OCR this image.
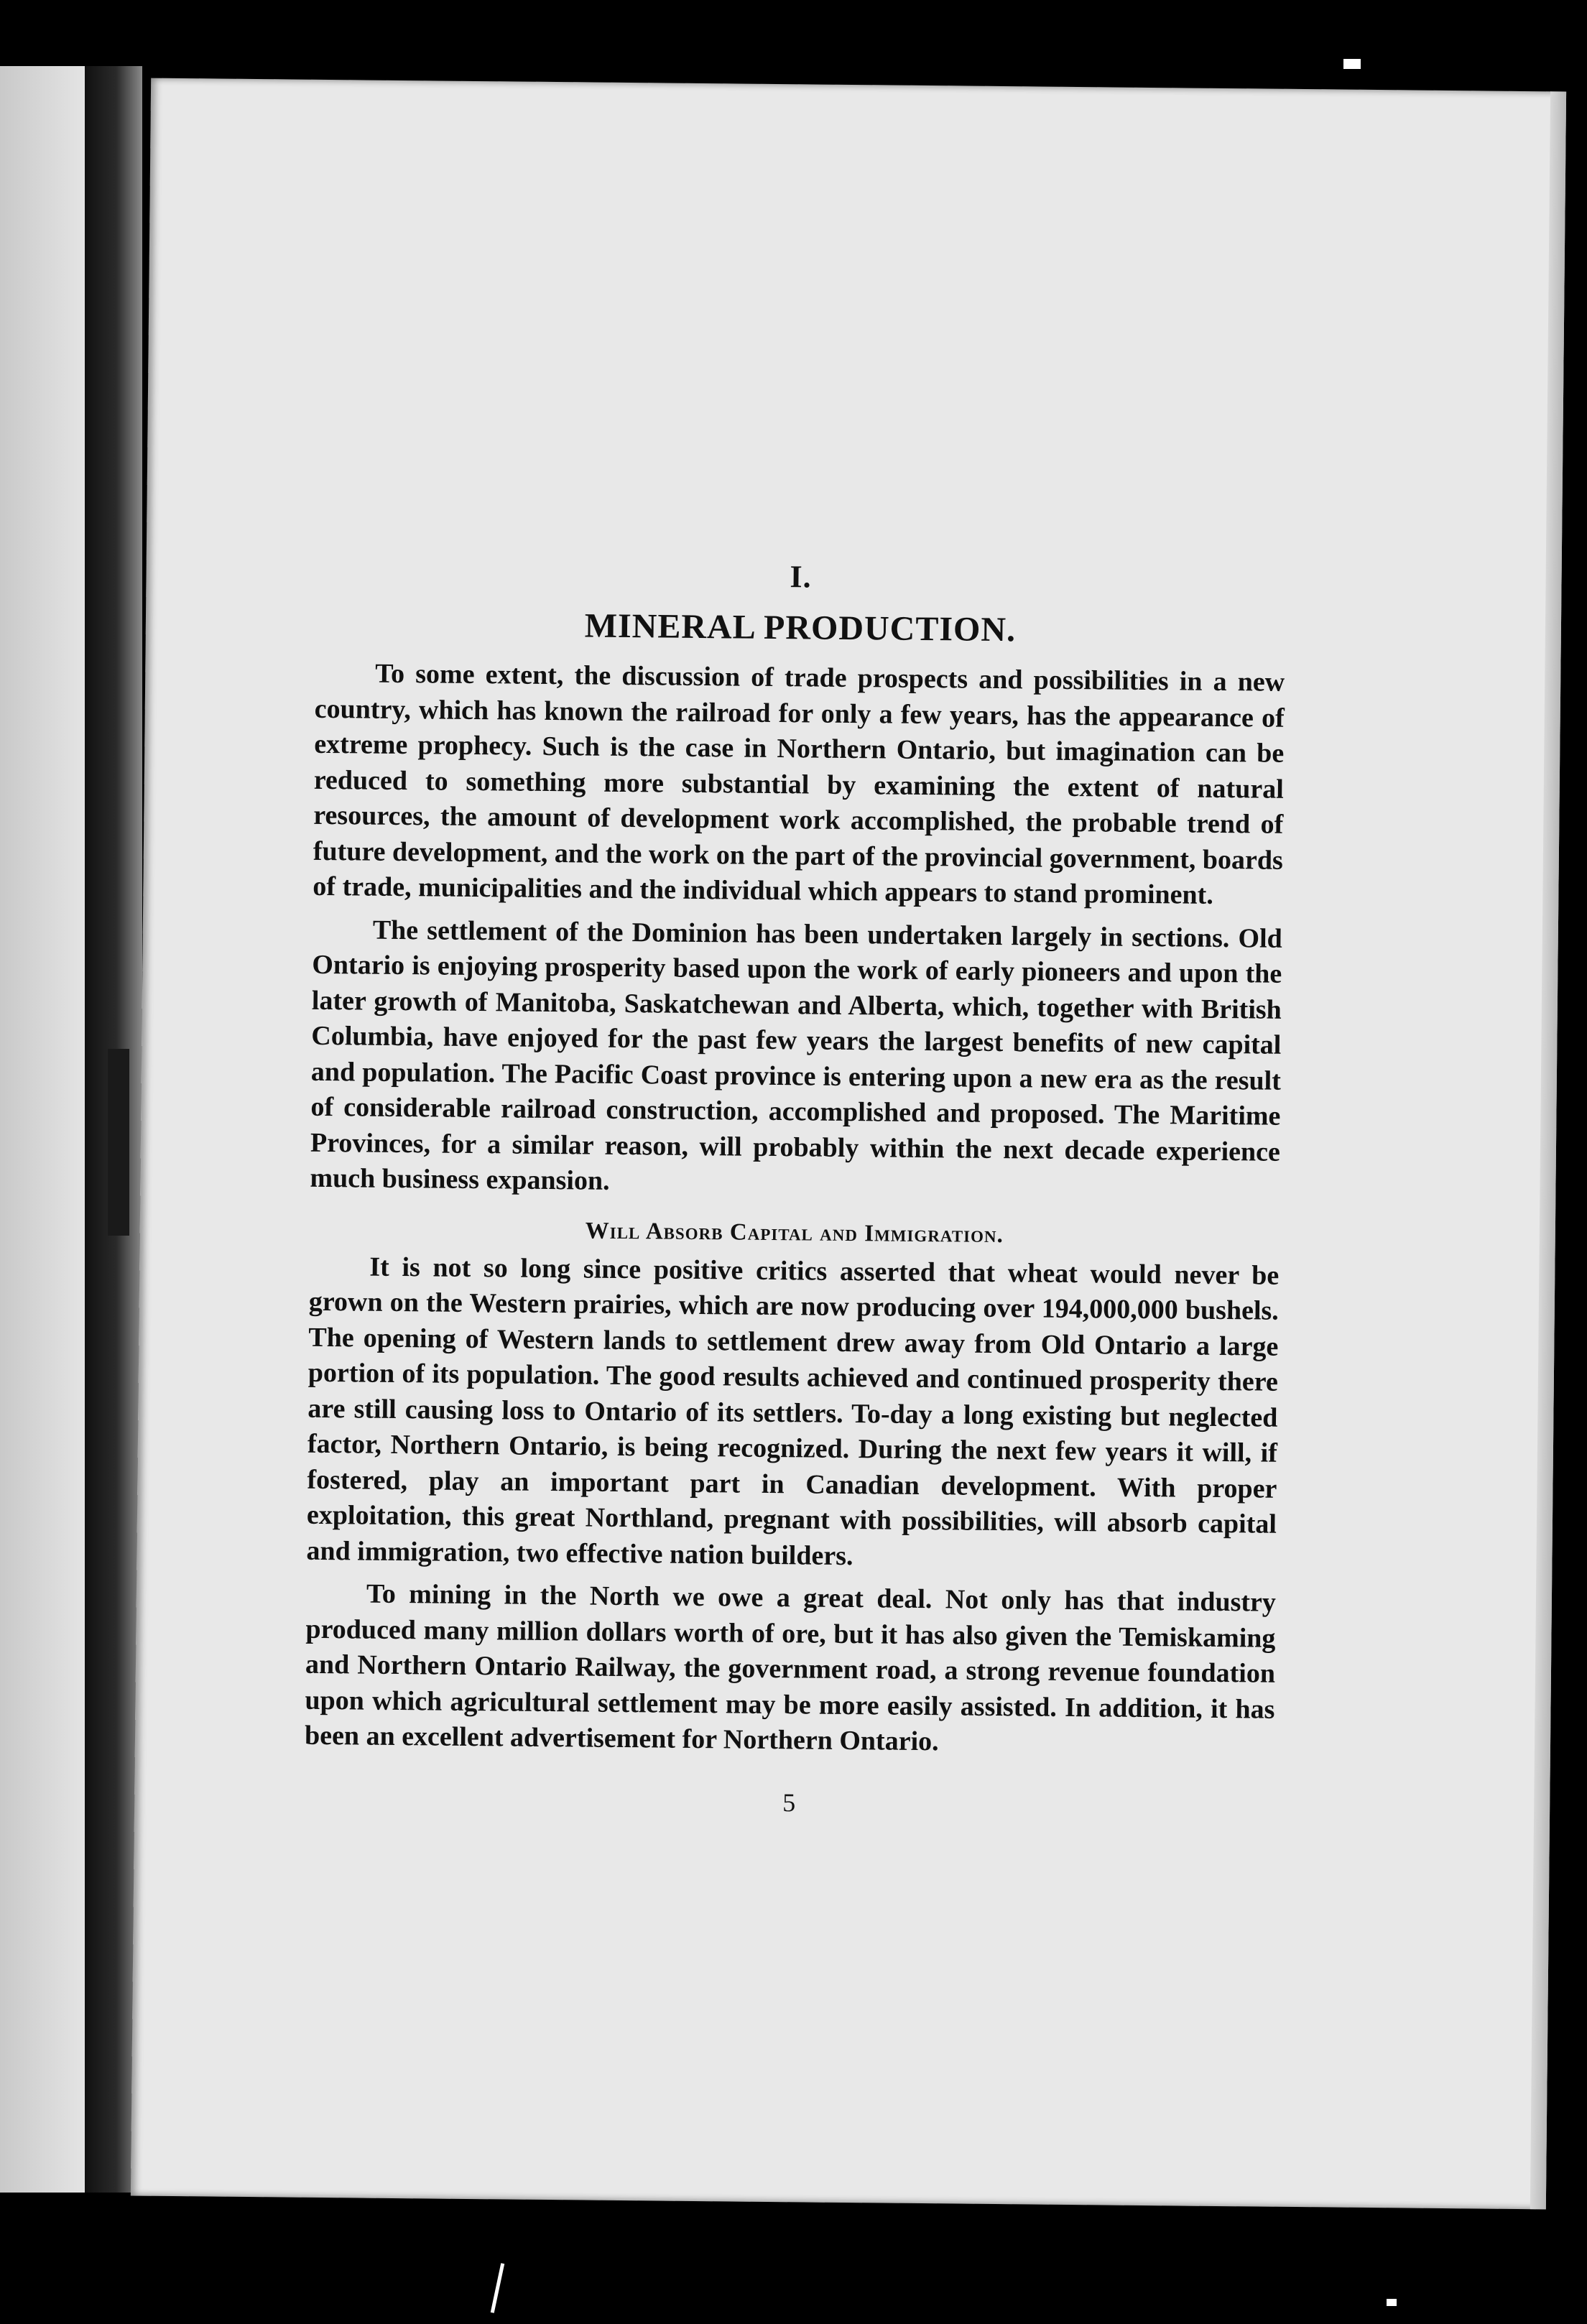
I.
MINERAL PRODUCTION.

To some extent, the discussion of trade prospects and possibilities in a new country, which has known the railroad for only a few years, has the appearance of extreme prophecy. Such is the case in Northern Ontario, but imagination can be reduced to something more substantial by examining the extent of natural resources, the amount of development work accomplished, the probable trend of future development, and the work on the part of the provincial government, boards of trade, municipalities and the individual which appears to stand prominent.

The settlement of the Dominion has been undertaken largely in sections. Old Ontario is enjoying prosperity based upon the work of early pioneers and upon the later growth of Manitoba, Saskatchewan and Alberta, which, together with British Columbia, have enjoyed for the past few years the largest benefits of new capital and population. The Pacific Coast province is entering upon a new era as the result of considerable railroad construction, accomplished and proposed. The Maritime Provinces, for a similar reason, will probably within the next decade experience much business expansion.

Will Absorb Capital and Immigration.

It is not so long since positive critics asserted that wheat would never be grown on the Western prairies, which are now producing over 194,000,000 bushels. The opening of Western lands to settlement drew away from Old Ontario a large portion of its population. The good results achieved and continued prosperity there are still causing loss to Ontario of its settlers. To-day a long existing but neglected factor, Northern Ontario, is being recognized. During the next few years it will, if fostered, play an important part in Canadian development. With proper exploitation, this great Northland, pregnant with possibilities, will absorb capital and immigration, two effective nation builders.

To mining in the North we owe a great deal. Not only has that industry produced many million dollars worth of ore, but it has also given the Temiskaming and Northern Ontario Railway, the government road, a strong revenue foundation upon which agricultural settlement may be more easily assisted. In addition, it has been an excellent advertisement for Northern Ontario.

5
